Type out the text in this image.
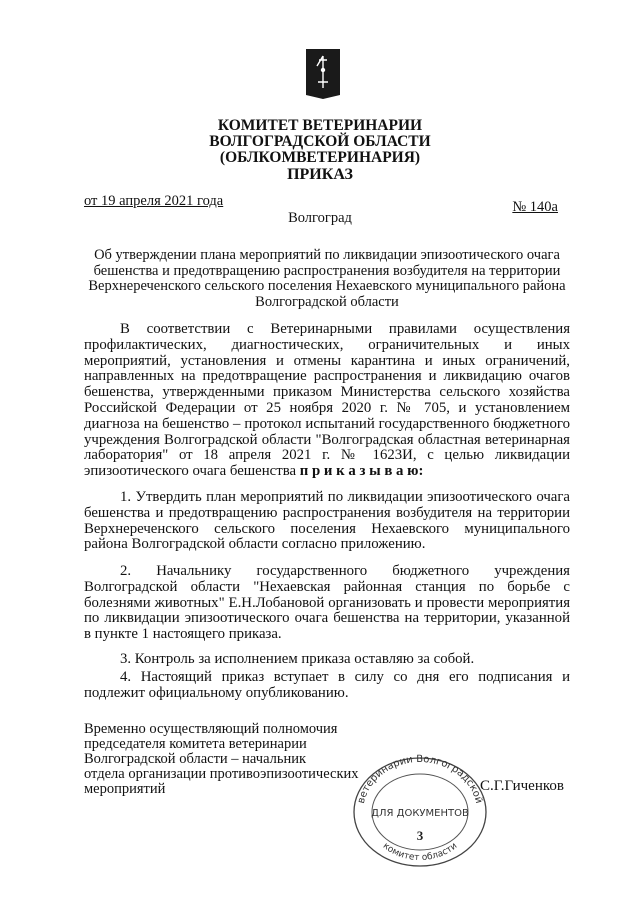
КОМИТЕТ ВЕТЕРИНАРИИ
ВОЛГОГРАДСКОЙ ОБЛАСТИ
(ОБЛКОМВЕТЕРИНАРИЯ)
ПРИКАЗ
от 19 апреля 2021 года	№ 140а
Волгоград
Об утверждении плана мероприятий по ликвидации эпизоотического очага бешенства и предотвращению распространения возбудителя на территории Верхнереченского сельского поселения Нехаевского муниципального района Волгоградской области
В соответствии с Ветеринарными правилами осуществления профилактических, диагностических, ограничительных и иных мероприятий, установления и отмены карантина и иных ограничений, направленных на предотвращение распространения и ликвидацию очагов бешенства, утвержденными приказом Министерства сельского хозяйства Российской Федерации от 25 ноября 2020 г. № 705, и установлением диагноза на бешенство – протокол испытаний государственного бюджетного учреждения Волгоградской области "Волгоградская областная ветеринарная лаборатория" от 18 апреля 2021 г. № 1623И, с целью ликвидации эпизоотического очага бешенства п р и к а з ы в а ю:
1. Утвердить план мероприятий по ликвидации эпизоотического очага бешенства и предотвращению распространения возбудителя на территории Верхнереченского сельского поселения Нехаевского муниципального района Волгоградской области согласно приложению.
2. Начальнику государственного бюджетного учреждения Волгоградской области "Нехаевская районная станция по борьбе с болезнями животных" Е.Н.Лобановой организовать и провести мероприятия по ликвидации эпизоотического очага бешенства на территории, указанной в пункте 1 настоящего приказа.
3. Контроль за исполнением приказа оставляю за собой.
4. Настоящий приказ вступает в силу со дня его подписания и подлежит официальному опубликованию.
Временно осуществляющий полномочия
председателя комитета ветеринарии
Волгоградской области – начальник
отдела организации противоэпизоотических
мероприятий
ветеринарии Волгоградской
комитет области
ДЛЯ ДОКУМЕНТОВ
3
С.Г.Гиченков
